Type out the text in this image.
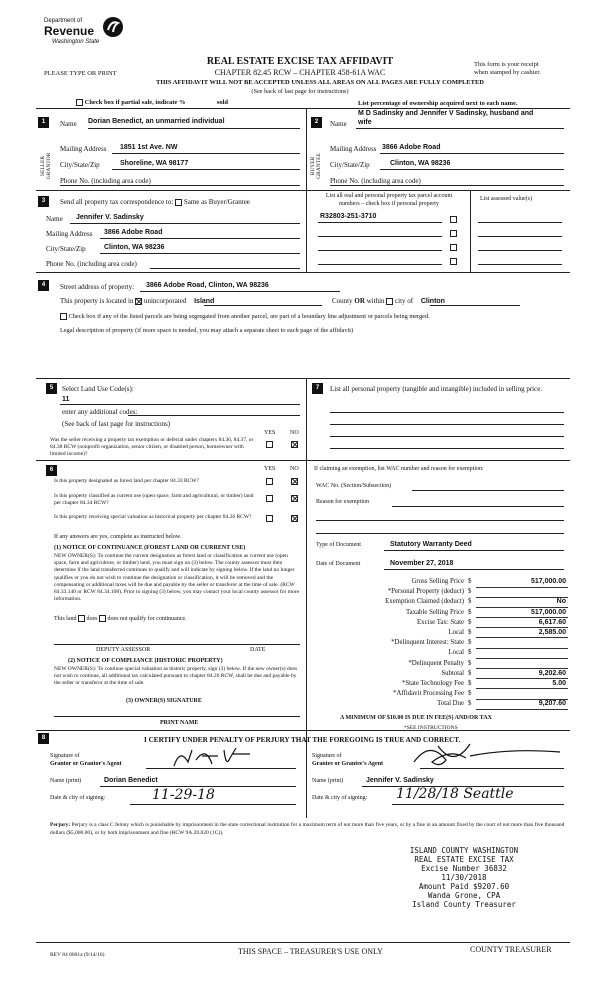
Department of
Revenue
Washington State
REAL ESTATE EXCISE TAX AFFIDAVIT
PLEASE TYPE OR PRINT	CHAPTER 82.45 RCW – CHAPTER 458-61A WAC
This form is your receipt
when stamped by cashier.
THIS AFFIDAVIT WILL NOT BE ACCEPTED UNLESS ALL AREAS ON ALL PAGES ARE FULLY COMPLETED
(See back of last page for instructions)
Check box if partial sale, indicate %	sold	List percentage of ownership acquired next to each name.
1	Name Dorian Benedict, an unmarried individual
SELLER GRANTOR
Mailing Address 1851 1st Ave. NW
City/State/Zip	Shoreline, WA 98177
Phone No. (including area code)
2
M D Sadinsky and Jennifer V Sadinsky, husband and
Name wife
BUYER GRANTEE
Mailing Address 3866 Adobe Road
City/State/Zip	Clinton, WA 98236
Phone No. (including area code)
3	Send all property tax correspondence to: Same as Buyer/Grantee
Name Jennifer V. Sadinsky
Mailing Address 3866 Adobe Road
City/State/Zip	Clinton, WA 98236
Phone No. (including area code)
List all real and personal property tax parcel account
numbers – check box if personal property
List assessed value(s)
R32803-251-3710
4	Street address of property: 3866 Adobe Road, Clinton, WA 98236
This property is located in unincorporated Island	County OR within city of Clinton
Check box if any of the listed parcels are being segregated from another parcel, are part of a boundary line adjustment or parcels being merged.
Legal description of property (if more space is needed, you may attach a separate sheet to each page of the affidavit)
5	Select Land Use Code(s):
11
enter any additional codes:
(See back of last page for instructions)
YES NO
Was the seller receiving a property tax exemption or deferral under chapters 84.36, 84.37, or 84.38 RCW (nonprofit organization, senior citizen, or disabled person, homeowner with limited income)?
7	List all personal property (tangible and intangible) included in selling price.
6	YES NO
Is this property designated as forest land per chapter 84.33 RCW?
Is this property classified as current use (open space, farm and agricultural, or timber) land per chapter 84.34 RCW?
Is this property receiving special valuation as historical property per chapter 84.26 RCW?
If any answers are yes, complete as instructed below.
(1) NOTICE OF CONTINUANCE (FOREST LAND OR CURRENT USE)
NEW OWNER(S): To continue the current designation as forest land or classification as current use (open space, farm and agriculture, or timber) land, you must sign on (3) below. The county assessor must then determine if the land transferred continues to qualify and will indicate by signing below. If the land no longer qualifies or you do not wish to continue the designation or classification, it will be removed and the compensating or additional taxes will be due and payable by the seller or transferor at the time of sale. (RCW 84.33.140 or RCW 84.34.108). Prior to signing (3) below, you may contact your local county assessor for more information.
This land does does not qualify for continuance.
DEPUTY ASSESSOR	DATE
(2) NOTICE OF COMPLIANCE (HISTORIC PROPERTY)
NEW OWNER(S): To continue special valuation as historic property, sign (3) below. If the new owner(s) does not wish to continue, all additional tax calculated pursuant to chapter 84.26 RCW, shall be due and payable by the seller or transferor at the time of sale.
(3) OWNER(S) SIGNATURE
PRINT NAME
If claiming an exemption, list WAC number and reason for exemption:
WAC No. (Section/Subsection)
Reason for exemption
Type of Document	Statutory Warranty Deed
Date of Document	November 27, 2018
Gross Selling Price $	517,000.00
*Personal Property (deduct) $
Exemption Claimed (deduct) $	No
Taxable Selling Price $	517,000.00
Excise Tax: State $	6,617.60
Local $	2,585.00
*Delinquent Interest: State $
Local $
*Delinquent Penalty $
Subtotal $	9,202.60
*State Technology Fee $	5.00
*Affidavit Processing Fee $
Total Due $	9,207.60
A MINIMUM OF $10.00 IS DUE IN FEE(S) AND/OR TAX
*SEE INSTRUCTIONS
8	I CERTIFY UNDER PENALTY OF PERJURY THAT THE FOREGOING IS TRUE AND CORRECT.
Signature of
Grantor or Grantor's Agent
Name (print)	Dorian Benedict
Date & city of signing:	11-29-18
Signature of
Grantee or Grantee's Agent
Name (print)	Jennifer V. Sadinsky
Date & city of signing: 11/28/18 Seattle
Perjury: Perjury is a class C felony which is punishable by imprisonment in the state correctional institution for a maximum term of not more than five years, or by a fine in an amount fixed by the court of not more than five thousand dollars ($5,000.00), or by both imprisonment and fine (RCW 9A.20.020 (1C)).
ISLAND COUNTY WASHINGTON
REAL ESTATE EXCISE TAX
Excise Number 36832
11/30/2018
Amount Paid $9207.60
Wanda Grone, CPA
Island County Treasurer
REV 84 0001a (9/14/16)	THIS SPACE – TREASURER'S USE ONLY	COUNTY TREASURER
